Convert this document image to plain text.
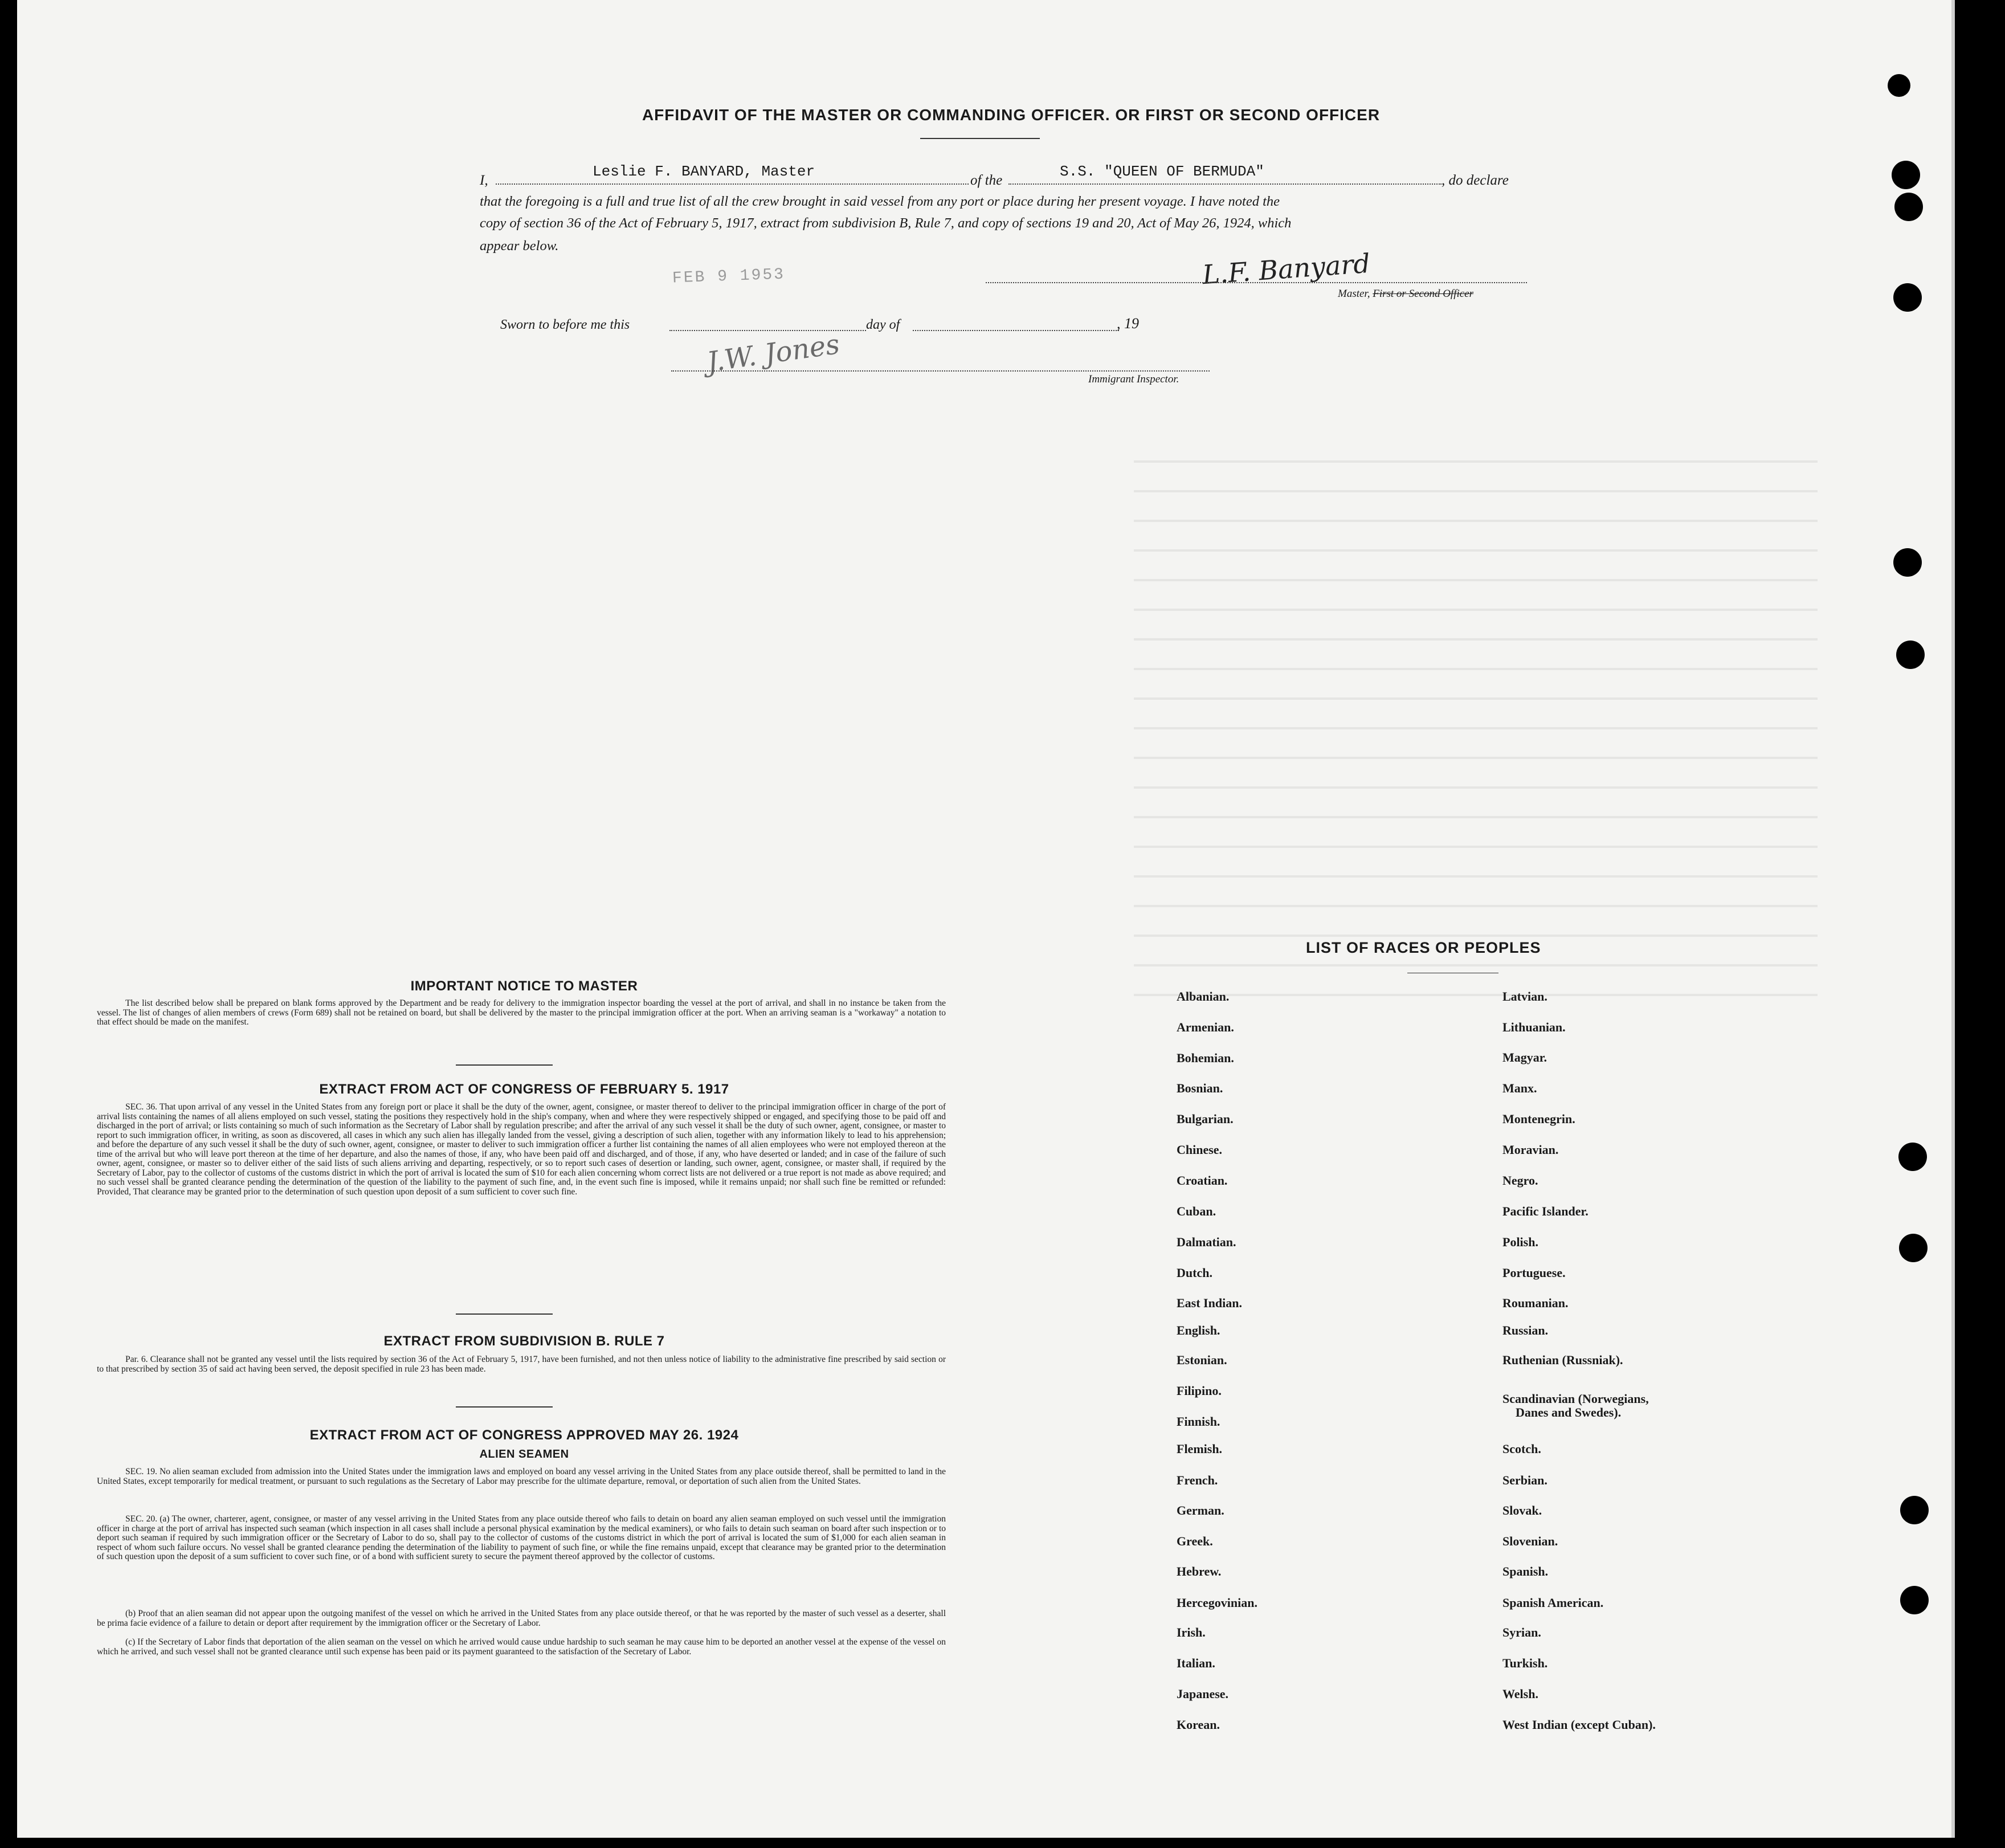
AFFIDAVIT OF THE MASTER OR COMMANDING OFFICER. OR FIRST OR SECOND OFFICER
I,
Leslie F. BANYARD, Master
of the
S.S. "QUEEN OF BERMUDA"
, do declare
that the foregoing is a full and true list of all the crew brought in said vessel from any port or place during her present voyage. I have noted the
copy of section 36 of the Act of February 5, 1917, extract from subdivision B, Rule 7, and copy of sections 19 and 20, Act of May 26, 1924, which
appear below.
FEB 9 1953	L.F. Banyard
Master, First or Second Officer
Sworn to before me this	day of	, 19
J.W. Jones
Immigrant Inspector.
IMPORTANT NOTICE TO MASTER
The list described below shall be prepared on blank forms approved by the Department and be ready for delivery to the immigration inspector boarding the vessel at the port of arrival, and shall in no instance be taken from the vessel. The list of changes of alien members of crews (Form 689) shall not be retained on board, but shall be delivered by the master to the principal immigration officer at the port. When an arriving seaman is a "workaway" a notation to that effect should be made on the manifest.
EXTRACT FROM ACT OF CONGRESS OF FEBRUARY 5. 1917
SEC. 36. That upon arrival of any vessel in the United States from any foreign port or place it shall be the duty of the owner, agent, consignee, or master thereof to deliver to the principal immigration officer in charge of the port of arrival lists containing the names of all aliens employed on such vessel, stating the positions they respectively hold in the ship's company, when and where they were respectively shipped or engaged, and specifying those to be paid off and discharged in the port of arrival; or lists containing so much of such information as the Secretary of Labor shall by regulation prescribe; and after the arrival of any such vessel it shall be the duty of such owner, agent, consignee, or master to report to such immigration officer, in writing, as soon as discovered, all cases in which any such alien has illegally landed from the vessel, giving a description of such alien, together with any information likely to lead to his apprehension; and before the departure of any such vessel it shall be the duty of such owner, agent, consignee, or master to deliver to such immigration officer a further list containing the names of all alien employees who were not employed thereon at the time of the arrival but who will leave port thereon at the time of her departure, and also the names of those, if any, who have been paid off and discharged, and of those, if any, who have deserted or landed; and in case of the failure of such owner, agent, consignee, or master so to deliver either of the said lists of such aliens arriving and departing, respectively, or so to report such cases of desertion or landing, such owner, agent, consignee, or master shall, if required by the Secretary of Labor, pay to the collector of customs of the customs district in which the port of arrival is located the sum of $10 for each alien concerning whom correct lists are not delivered or a true report is not made as above required; and no such vessel shall be granted clearance pending the determination of the question of the liability to the payment of such fine, and, in the event such fine is imposed, while it remains unpaid; nor shall such fine be remitted or refunded: Provided, That clearance may be granted prior to the determination of such question upon deposit of a sum sufficient to cover such fine.
EXTRACT FROM SUBDIVISION B. RULE 7
Par. 6. Clearance shall not be granted any vessel until the lists required by section 36 of the Act of February 5, 1917, have been furnished, and not then unless notice of liability to the administrative fine prescribed by said section or to that prescribed by section 35 of said act having been served, the deposit specified in rule 23 has been made.
EXTRACT FROM ACT OF CONGRESS APPROVED MAY 26. 1924
ALIEN SEAMEN
SEC. 19. No alien seaman excluded from admission into the United States under the immigration laws and employed on board any vessel arriving in the United States from any place outside thereof, shall be permitted to land in the United States, except temporarily for medical treatment, or pursuant to such regulations as the Secretary of Labor may prescribe for the ultimate departure, removal, or deportation of such alien from the United States.
SEC. 20. (a) The owner, charterer, agent, consignee, or master of any vessel arriving in the United States from any place outside thereof who fails to detain on board any alien seaman employed on such vessel until the immigration officer in charge at the port of arrival has inspected such seaman (which inspection in all cases shall include a personal physical examination by the medical examiners), or who fails to detain such seaman on board after such inspection or to deport such seaman if required by such immigration officer or the Secretary of Labor to do so, shall pay to the collector of customs of the customs district in which the port of arrival is located the sum of $1,000 for each alien seaman in respect of whom such failure occurs. No vessel shall be granted clearance pending the determination of the liability to payment of such fine, or while the fine remains unpaid, except that clearance may be granted prior to the determination of such question upon the deposit of a sum sufficient to cover such fine, or of a bond with sufficient surety to secure the payment thereof approved by the collector of customs.
(b) Proof that an alien seaman did not appear upon the outgoing manifest of the vessel on which he arrived in the United States from any place outside thereof, or that he was reported by the master of such vessel as a deserter, shall be prima facie evidence of a failure to detain or deport after requirement by the immigration officer or the Secretary of Labor.
(c) If the Secretary of Labor finds that deportation of the alien seaman on the vessel on which he arrived would cause undue hardship to such seaman he may cause him to be deported an another vessel at the expense of the vessel on which he arrived, and such vessel shall not be granted clearance until such expense has been paid or its payment guaranteed to the satisfaction of the Secretary of Labor.
LIST OF RACES OR PEOPLES
Albanian.
Armenian.
Bohemian.
Bosnian.
Bulgarian.
Chinese.
Croatian.
Cuban.
Dalmatian.
Dutch.
East Indian.
English.
Estonian.
Filipino.
Finnish.
Flemish.
French.
German.
Greek.
Hebrew.
Hercegovinian.
Irish.
Italian.
Japanese.
Korean.
Latvian.
Lithuanian.
Magyar.
Manx.
Montenegrin.
Moravian.
Negro.
Pacific Islander.
Polish.
Portuguese.
Roumanian.
Russian.
Ruthenian (Russniak).
Scandinavian (Norwegians,
Danes and Swedes).
Scotch.
Serbian.
Slovak.
Slovenian.
Spanish.
Spanish American.
Syrian.
Turkish.
Welsh.
West Indian (except Cuban).
